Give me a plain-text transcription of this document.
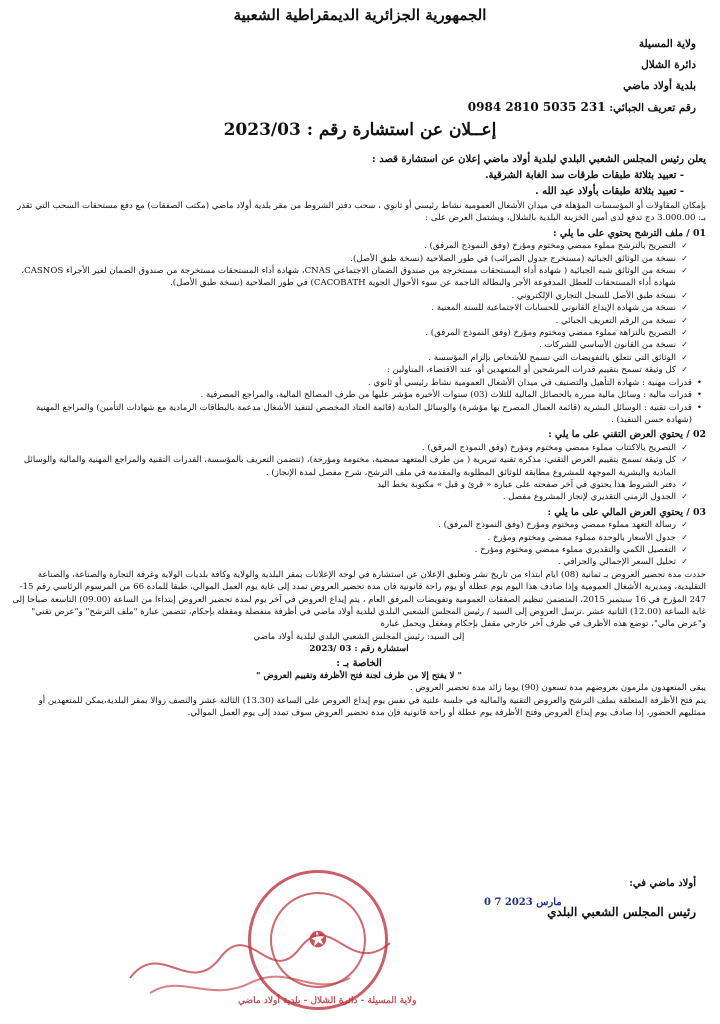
الجمهورية الجزائرية الديمقراطية الشعبية
ولاية المسيلة
دائرة الشلال
بلدية أولاد ماضي
رقم تعريف الجبائي: 0984 2810 5035 231
إعــلان عن استشارة رقم : 2023/03

يعلن رئيس المجلس الشعبي البلدي لبلدية أولاد ماضي إعلان عن استشارة قصد :

- تعبيد بثلاثة طبقات طرقات سد الغابة الشرقية.

- تعبيد بثلاثة طبقات بأولاد عبد الله .

بإمكان المقاولات أو المؤسسات المؤهلة في ميدان الأشغال العمومية نشاط رئيسي أو ثانوي ، سحب دفتر الشروط من مقر بلدية أولاد ماضي (مكتب الصفقات) مع دفع مستحقات السحب التي تقدر بـ: 3.000.00 دج تدفع لدى أمين الخزينة البلدية بالشلال، ويشتمل العرض على :

01 / ملف الترشح يحتوي على ما يلي :

✓ التصريح بالترشح مملوء ممضي ومختوم ومؤرخ (وفق النموذج المرفق) .
✓ نسخة من الوثائق الجبائية (مستخرج جدول الضرائب) في طور الصلاحية (نسخة طبق الأصل).
✓ نسخة من الوثائق شبه الجبائية ( شهادة أداء المستحقات مستخرجة من صندوق الضمان الاجتماعي CNAS، شهادة أداء المستحقات مستخرجة من صندوق الضمان لغير الأجراء CASNOS، شهادة أداء المستحقات للعطل المدفوعة الأجر والبطالة الناجمة عن سوء الأحوال الجوية CACOBATH) في طور الصلاحية (نسخة طبق الأصل).
✓ نسخة طبق الأصل للسجل التجاري الإلكتروني .
✓ نسخة من شهادة الإيداع القانوني للحسابات الاجتماعية للسنة المعنية .
✓ نسخة من الرقم التعريف الجبائي .
✓ التصريح بالنزاهة مملوء ممضي ومختوم ومؤرخ (وفق النموذج المرفق) .
✓ نسخة من القانون الأساسي للشركات .
✓ الوثائق التي تتعلق بالتفويضات التي تسمح للأشخاص بإلزام المؤسسة .
✓ كل وثيقة تسمح بتقييم قدرات المرشحين أو المتعهدين أو، عند الاقتضاء، المناولين :
• قدرات مهنية : شهادة التأهيل والتصنيف في ميدان الأشغال العمومية نشاط رئيسي أو ثانوي .
• قدرات مالية : وسائل مالية مبررة بالحصائل المالية للثلاث (03) سنوات الأخيرة مؤشر عليها من طرف المصالح المالية، والمراجع المصرفية .
• قدرات تقنية : الوسائل البشرية (قائمة العمال المصرح بها مؤشرة) والوسائل المادية (قائمة العتاد المخصص لتنفيذ الأشغال مدعمة بالبطاقات الرمادية مع شهادات التأمين) والمراجع المهنية (شهادة حسن التنفيذ) .

02 / يحتوي العرض التقني على ما يلي :

✓ التصريح بالاكتتاب مملوء ممضي ومختوم ومؤرخ (وفق النموذج المرفق) .
✓ كل وثيقة تسمح بتقييم العرض التقني: مذكرة تقنية تبريرية ( من طرف المتعهد ممضية، مختومة ومؤرخة)، (تتضمن التعريف بالمؤسسة، القدرات التقنية والمراجع المهنية والمالية والوسائل المادية والبشرية الموجهة للمشروع مطابقة للوثائق المطلوبة والمقدمة في ملف الترشح، شرح مفصل لمدة الإنجاز) .
✓ دفتر الشروط هذا يحتوي في آخر صفحته على عبارة « قرئ و قبل » مكتوبة بخط اليد
✓ الجدول الزمني التقديري لإنجاز المشروع مفصل .

03 / يحتوي العرض المالي على ما يلي :

✓ رسالة التعهد مملوء ممضي ومختوم ومؤرخ (وفق النموذج المرفق) .
✓ جدول الأسعار بالوحدة مملوء ممضي ومختوم ومؤرخ .
✓ التفصيل الكمي والتقديري مملوء ممضي ومختوم ومؤرخ .
✓ تحليل السعر الإجمالي والجزافي .

حددت مدة تحضير العروض بـ ثمانية (08) ايام ابتداء من تاريخ نشر وتعليق الإعلان عن استشارة في لوحة الإعلانات بمقر البلدية والولاية وكافة بلديات الولاية وغرفة التجارة والصناعة، والصناعة التقليدية، ومديرية الأشغال العمومية وإذا صادف هذا اليوم يوم عطلة أو يوم راحة قانونية فان مدة تحضير العروض تمدد إلى غاية يوم العمل الموالي، طبقا للمادة 66 من المرسوم الرئاسي رقم 15-247 المؤرخ في 16 سبتمبر 2015، المتضمن تنظيم الصفقات العمومية وتفويضات المرفق العام ، يتم إيداع العروض في آخر يوم لمدة تحضير العروض إبتداءا من الساعة (09.00) التاسعة صباحا إلى غاية الساعة (12.00) الثانية عشر .ترسل العروض إلى السيد / رئيس المجلس الشعبي البلدي لبلدية أولاد ماضي في أظرفة منفصلة ومقفلة بإحكام، تتضمن عبارة "ملف الترشح" و"عرض تقني" و"عرض مالي"، توضع هذه الأظرف في ظرف آخر خارجي مقفل بإحكام ومغفل ويحمل عبارة

إلى السيد: رئيس المجلس الشعبي البلدي لبلدية أولاد ماضي

استشارة رقم : 2023/ 03

الخاصة بـ :

" لا يفتح إلا من طرف لجنة فتح الأظرفة وتقييم العروض "

يبقى المتعهدون ملزمون بعروضهم مدة تسعون (90) يوما زائد مدة تحضير العروض .

يتم فتح الأظرفة المتعلقة بملف الترشح والعروض التقنية والمالية في جلسة علنية في نفس يوم إيداع العروض على الساعة (13.30) الثالثة عشر والنصف زوالا بمقر البلدية،يمكن للمتعهدين أو ممثليهم الحضور، إذا صادف يوم إيداع العروض وفتح الأظرفة يوم عطلة أو راحة قانونية فإن مدة تحضير العروض سوف تمدد إلى يوم العمل الموالي.

أولاد ماضي في:
رئيس المجلس الشعبي البلدي
0 7 مارس 2023
✪
ولاية المسيلة - دائرة الشلال - بلدية أولاد ماضي
